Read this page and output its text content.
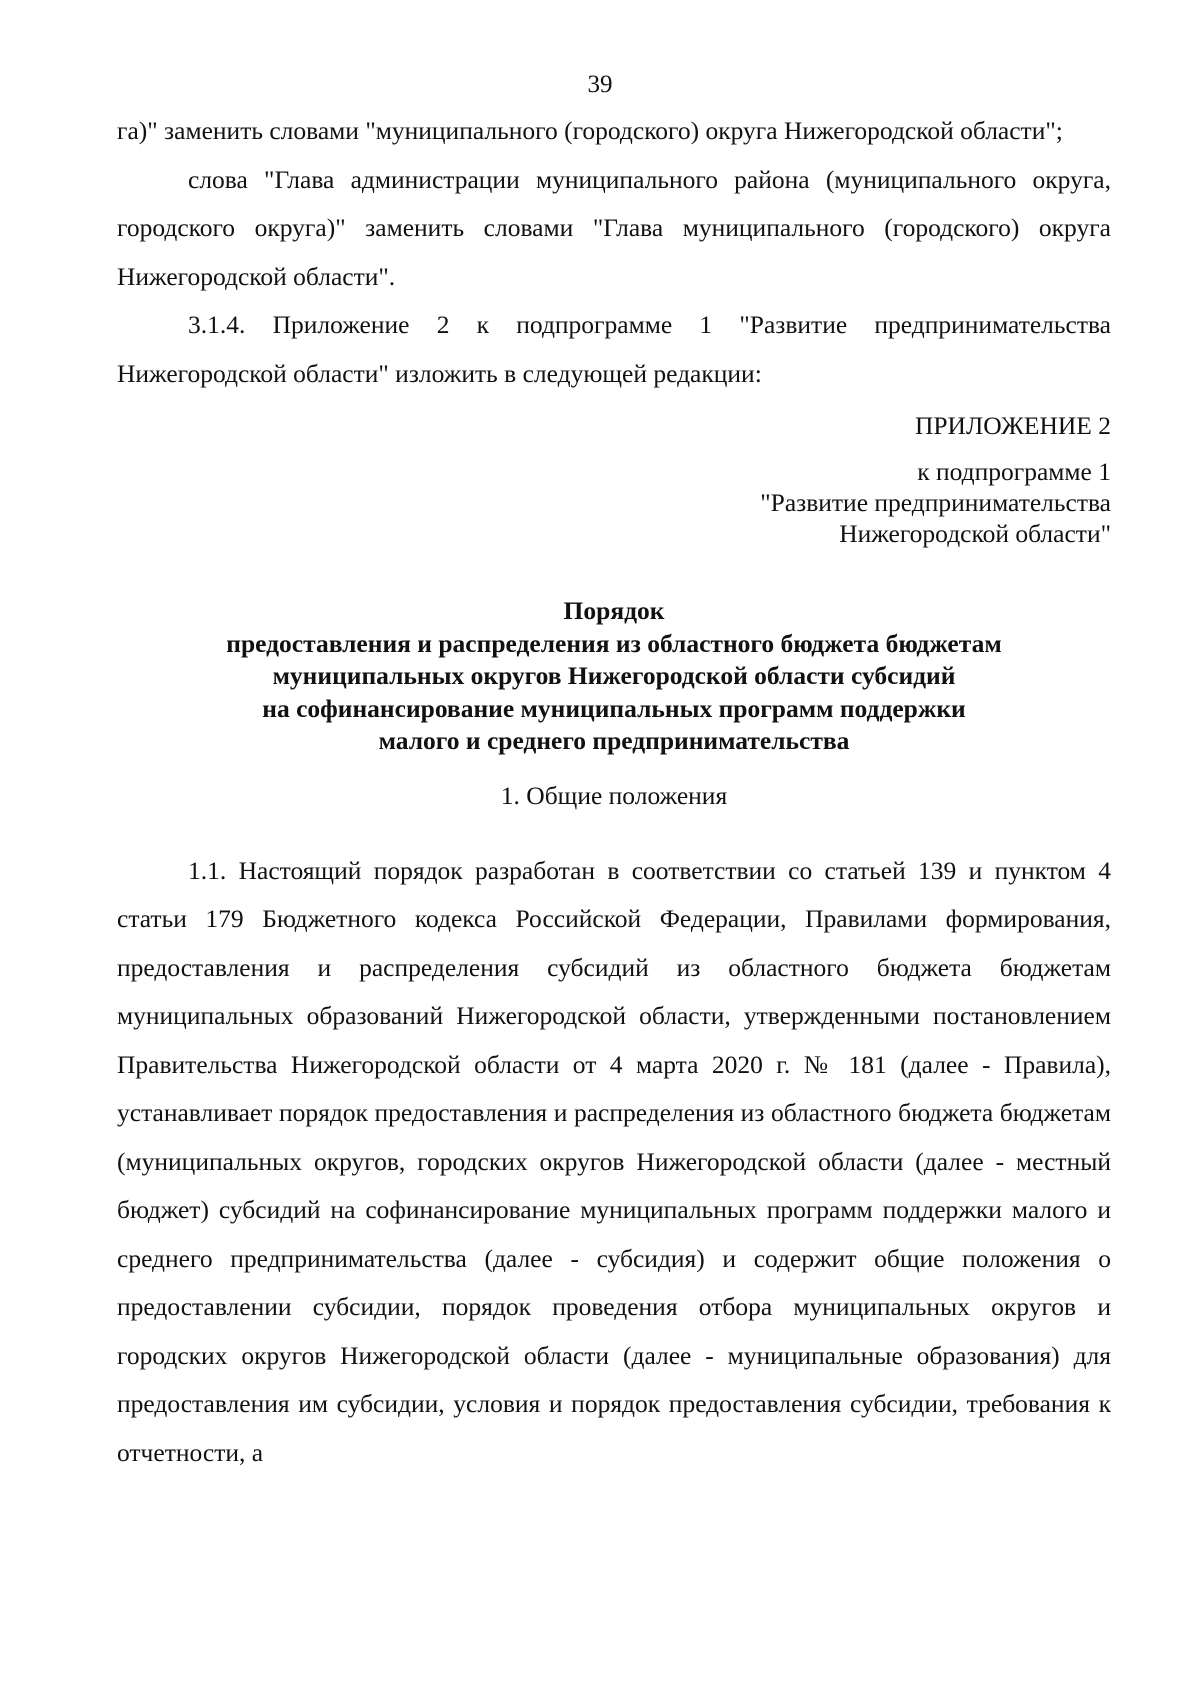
39

га)" заменить словами "муниципального (городского) округа Нижегородской области";

слова "Глава администрации муниципального района (муниципального округа, городского округа)" заменить словами "Глава муниципального (городского) округа Нижегородской области".

3.1.4. Приложение 2 к подпрограмме 1 "Развитие предпринимательства Нижегородской области" изложить в следующей редакции:

ПРИЛОЖЕНИЕ 2

к подпрограмме 1
"Развитие предпринимательства
Нижегородской области"
Порядок
предоставления и распределения из областного бюджета бюджетам
муниципальных округов Нижегородской области субсидий
на софинансирование муниципальных программ поддержки
малого и среднего предпринимательства

1. Общие положения

1.1. Настоящий порядок разработан в соответствии со статьей 139 и пунктом 4 статьи 179 Бюджетного кодекса Российской Федерации, Правилами формирования, предоставления и распределения субсидий из областного бюджета бюджетам муниципальных образований Нижегородской области, утвержденными постановлением Правительства Нижегородской области от 4 марта 2020 г. № 181 (далее - Правила), устанавливает порядок предоставления и распределения из областного бюджета бюджетам (муниципальных округов, городских округов Нижегородской области (далее - местный бюджет) субсидий на софинансирование муниципальных программ поддержки малого и среднего предпринимательства (далее - субсидия) и содержит общие положения о предоставлении субсидии, порядок проведения отбора муниципальных округов и городских округов Нижегородской области (далее - муниципальные образования) для предоставления им субсидии, условия и порядок предоставления субсидии, требования к отчетности, а
